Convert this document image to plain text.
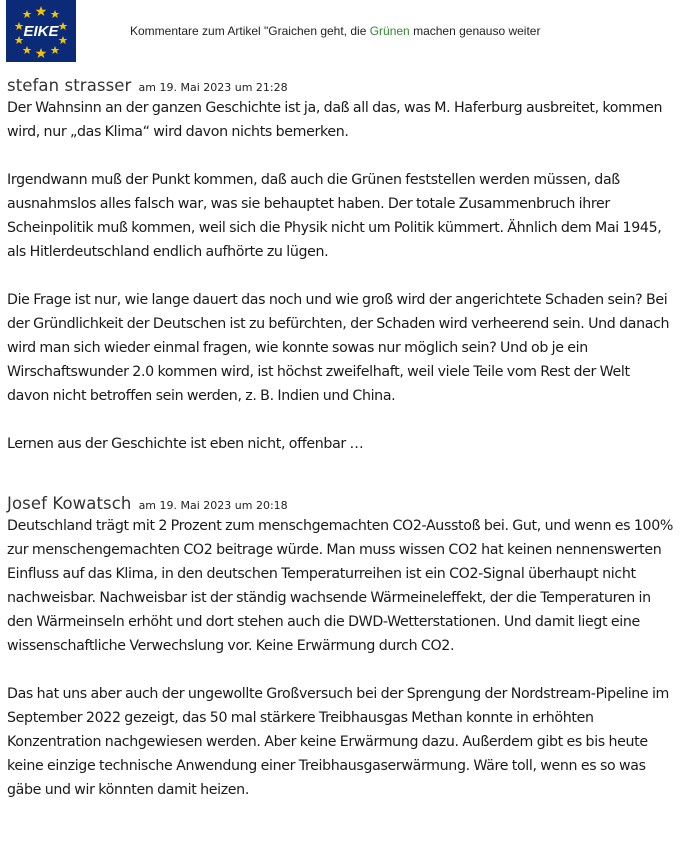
EIKE	Kommentare zum Artikel "Graichen geht, die Grünen machen genauso weiter
stefan strasser am 19. Mai 2023 um 21:28

Der Wahnsinn an der ganzen Geschichte ist ja, daß all das, was M. Haferburg ausbreitet, kommen wird, nur „das Klima“ wird davon nichts bemerken.

Irgendwann muß der Punkt kommen, daß auch die Grünen feststellen werden müssen, daß ausnahmslos alles falsch war, was sie behauptet haben. Der totale Zusammenbruch ihrer Scheinpolitik muß kommen, weil sich die Physik nicht um Politik kümmert. Ähnlich dem Mai 1945, als Hitlerdeutschland endlich aufhörte zu lügen.

Die Frage ist nur, wie lange dauert das noch und wie groß wird der angerichtete Schaden sein? Bei der Gründlichkeit der Deutschen ist zu befürchten, der Schaden wird verheerend sein. Und danach wird man sich wieder einmal fragen, wie konnte sowas nur möglich sein? Und ob je ein Wirschaftswunder 2.0 kommen wird, ist höchst zweifelhaft, weil viele Teile vom Rest der Welt davon nicht betroffen sein werden, z. B. Indien und China.

Lernen aus der Geschichte ist eben nicht, offenbar …

Josef Kowatsch am 19. Mai 2023 um 20:18

Deutschland trägt mit 2 Prozent zum menschgemachten CO2-Ausstoß bei. Gut, und wenn es 100% zur menschengemachten CO2 beitrage würde. Man muss wissen CO2 hat keinen nennenswerten Einfluss auf das Klima, in den deutschen Temperaturreihen ist ein CO2-Signal überhaupt nicht nachweisbar. Nachweisbar ist der ständig wachsende Wärmeineleffekt, der die Temperaturen in den Wärmeinseln erhöht und dort stehen auch die DWD-Wetterstationen. Und damit liegt eine wissenschaftliche Verwechslung vor. Keine Erwärmung durch CO2.

Das hat uns aber auch der ungewollte Großversuch bei der Sprengung der Nordstream-Pipeline im September 2022 gezeigt, das 50 mal stärkere Treibhausgas Methan konnte in erhöhten Konzentration nachgewiesen werden. Aber keine Erwärmung dazu. Außerdem gibt es bis heute keine einzige technische Anwendung einer Treibhausgaserwärmung. Wäre toll, wenn es so was gäbe und wir könnten damit heizen.
